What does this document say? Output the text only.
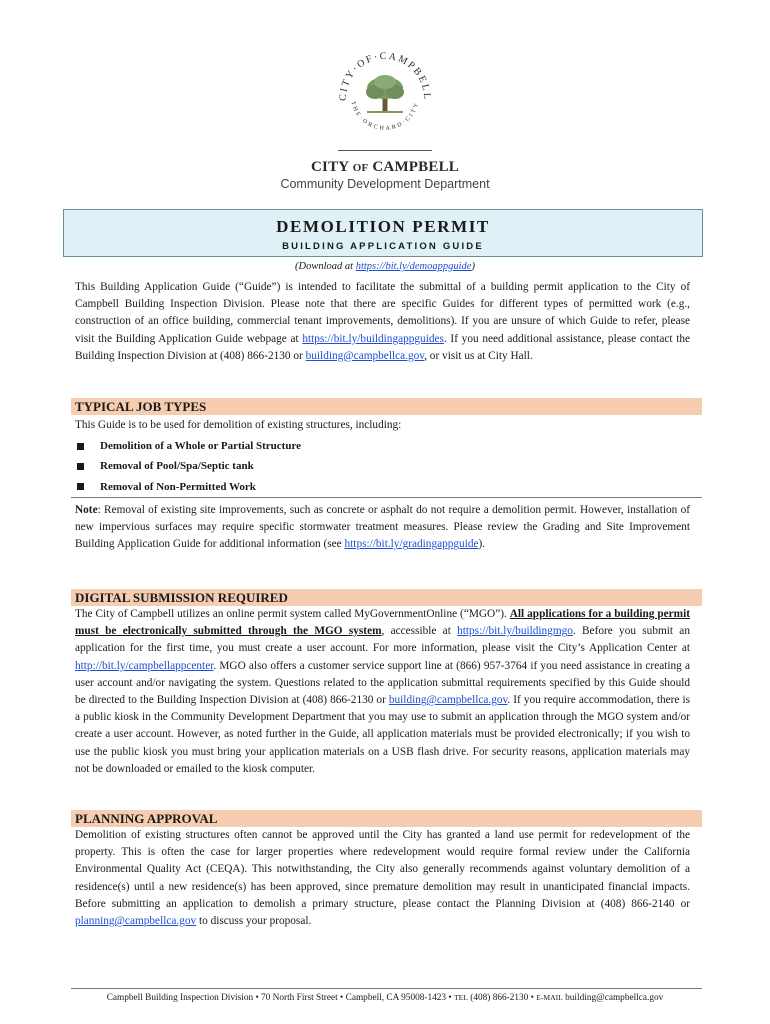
CITY·OF·CAMPBELL
THE·ORCHARD·CITY
CITY OF CAMPBELL
Community Development Department
DEMOLITION PERMIT
BUILDING APPLICATION GUIDE
(Download at https://bit.ly/demoappguide)
This Building Application Guide (“Guide”) is intended to facilitate the submittal of a building permit application to the City of Campbell Building Inspection Division. Please note that there are specific Guides for different types of permitted work (e.g., construction of an office building, commercial tenant improvements, demolitions). If you are unsure of which Guide to refer, please visit the Building Application Guide webpage at https://bit.ly/buildingappguides. If you need additional assistance, please contact the Building Inspection Division at (408) 866-2130 or building@campbellca.gov, or visit us at City Hall.
TYPICAL JOB TYPES
This Guide is to be used for demolition of existing structures, including:
Demolition of a Whole or Partial Structure
Removal of Pool/Spa/Septic tank
Removal of Non-Permitted Work
Note: Removal of existing site improvements, such as concrete or asphalt do not require a demolition permit. However, installation of new impervious surfaces may require specific stormwater treatment measures. Please review the Grading and Site Improvement Building Application Guide for additional information (see https://bit.ly/gradingappguide).
DIGITAL SUBMISSION REQUIRED
The City of Campbell utilizes an online permit system called MyGovernmentOnline (“MGO”). All applications for a building permit must be electronically submitted through the MGO system, accessible at https://bit.ly/buildingmgo. Before you submit an application for the first time, you must create a user account. For more information, please visit the City’s Application Center at http://bit.ly/campbellappcenter. MGO also offers a customer service support line at (866) 957-3764 if you need assistance in creating a user account and/or navigating the system. Questions related to the application submittal requirements specified by this Guide should be directed to the Building Inspection Division at (408) 866-2130 or building@campbellca.gov. If you require accommodation, there is a public kiosk in the Community Development Department that you may use to submit an application through the MGO system and/or create a user account. However, as noted further in the Guide, all application materials must be provided electronically; if you wish to use the public kiosk you must bring your application materials on a USB flash drive. For security reasons, application materials may not be downloaded or emailed to the kiosk computer.
PLANNING APPROVAL
Demolition of existing structures often cannot be approved until the City has granted a land use permit for redevelopment of the property. This is often the case for larger properties where redevelopment would require formal review under the California Environmental Quality Act (CEQA). This notwithstanding, the City also generally recommends against voluntary demolition of a residence(s) until a new residence(s) has been approved, since premature demolition may result in unanticipated financial impacts. Before submitting an application to demolish a primary structure, please contact the Planning Division at (408) 866-2140 or planning@campbellca.gov to discuss your proposal.
Campbell Building Inspection Division • 70 North First Street • Campbell, CA 95008-1423 • TEL (408) 866-2130 • E-MAIL building@campbellca.gov
